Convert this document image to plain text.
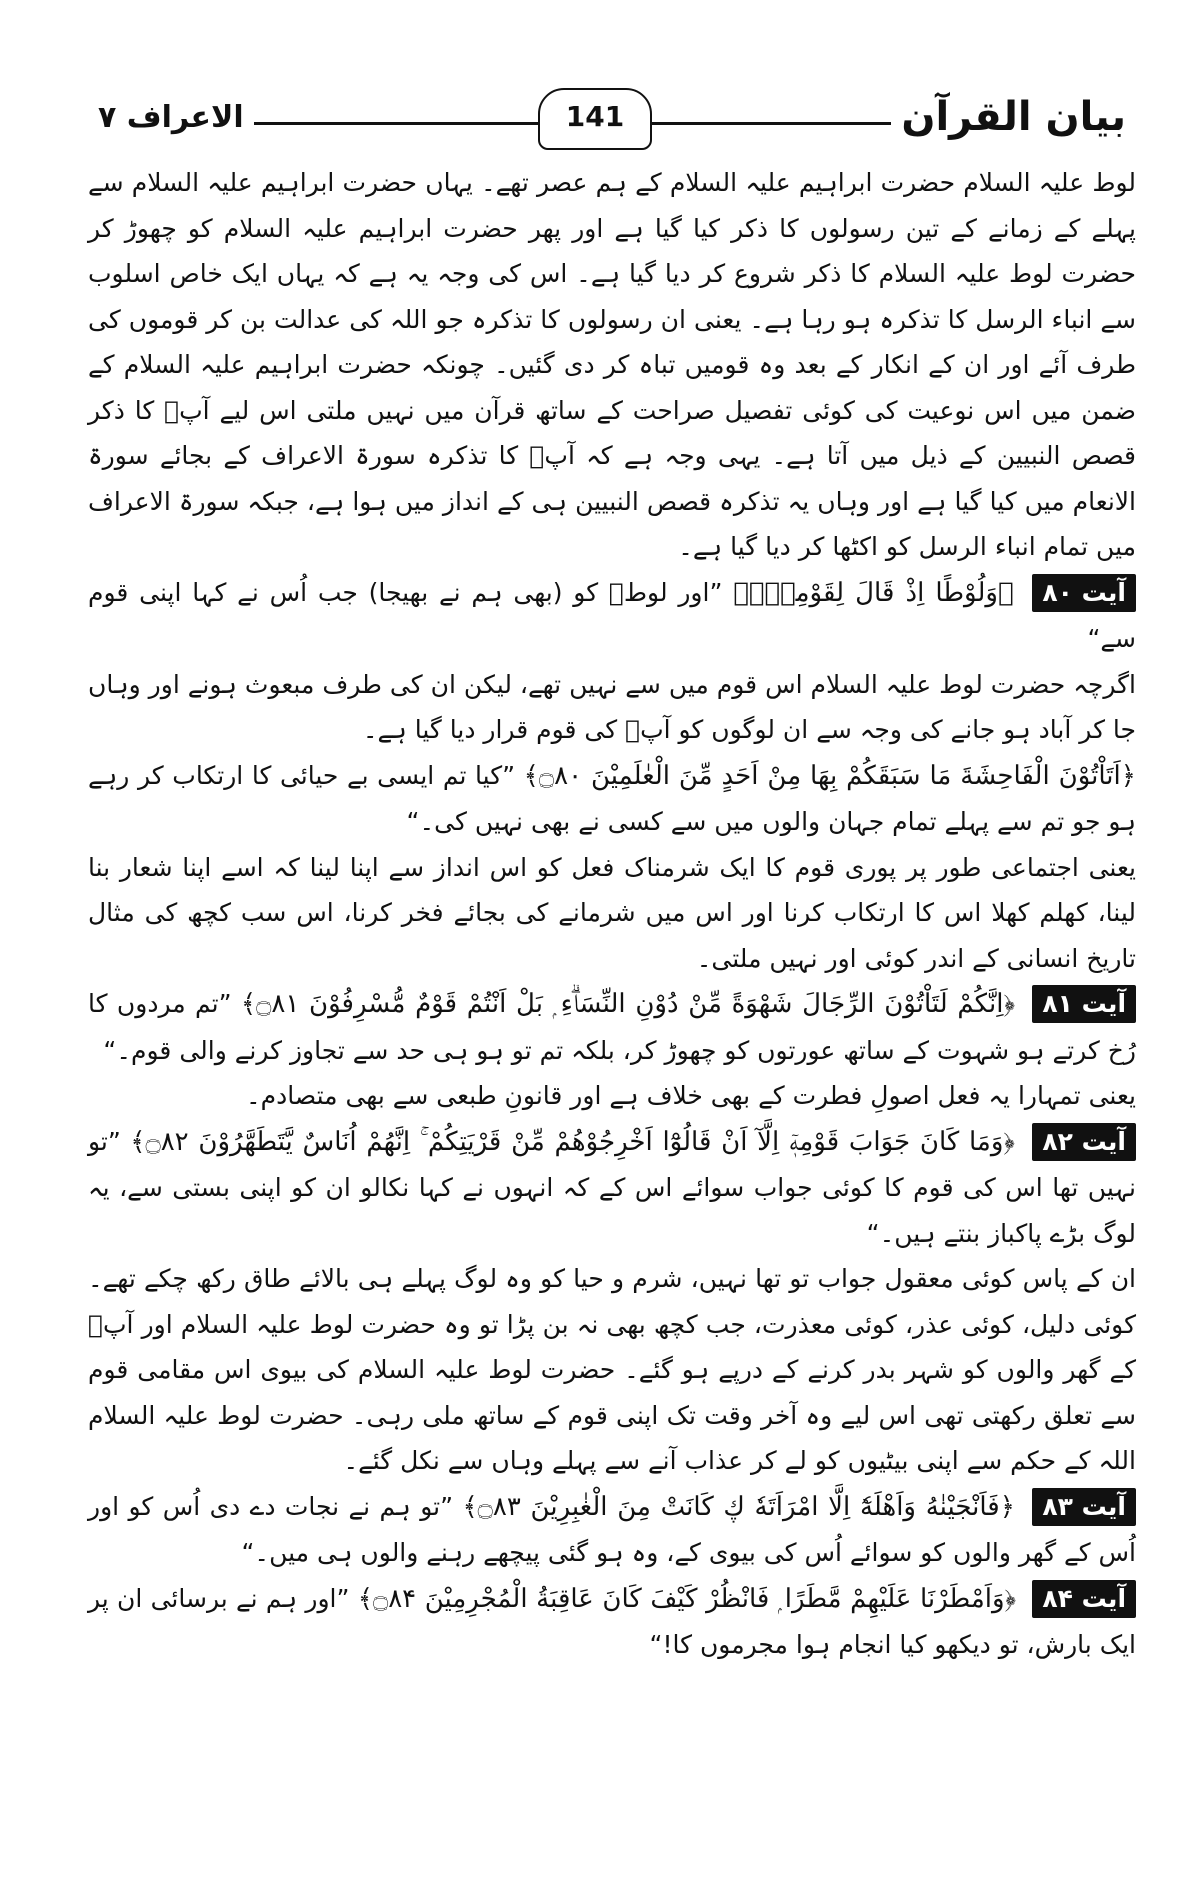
الاعراف ۷	141	بیان القرآن

لوط علیہ السلام حضرت ابراہیم علیہ السلام کے ہم عصر تھے۔ یہاں حضرت ابراہیم علیہ السلام سے پہلے کے زمانے کے تین رسولوں کا ذکر کیا گیا ہے اور پھر حضرت ابراہیم علیہ السلام کو چھوڑ کر حضرت لوط علیہ السلام کا ذکر شروع کر دیا گیا ہے۔ اس کی وجہ یہ ہے کہ یہاں ایک خاص اسلوب سے انباء الرسل کا تذکرہ ہو رہا ہے۔ یعنی ان رسولوں کا تذکرہ جو اللہ کی عدالت بن کر قوموں کی طرف آئے اور ان کے انکار کے بعد وہ قومیں تباہ کر دی گئیں۔ چونکہ حضرت ابراہیم علیہ السلام کے ضمن میں اس نوعیت کی کوئی تفصیل صراحت کے ساتھ قرآن میں نہیں ملتی اس لیے آپؑ کا ذکر قصص النبیین کے ذیل میں آتا ہے۔ یہی وجہ ہے کہ آپؑ کا تذکرہ سورۃ الاعراف کے بجائے سورۃ الانعام میں کیا گیا ہے اور وہاں یہ تذکرہ قصص النبیین ہی کے انداز میں ہوا ہے، جبکہ سورۃ الاعراف میں تمام انباء الرسل کو اکٹھا کر دیا گیا ہے۔

آیت ۸۰ ﴿وَلُوْطًا اِذْ قَالَ لِقَوْمِهٖٓ﴾ ”اور لوطؑ کو (بھی ہم نے بھیجا) جب اُس نے کہا اپنی قوم سے“

اگرچہ حضرت لوط علیہ السلام اس قوم میں سے نہیں تھے، لیکن ان کی طرف مبعوث ہونے اور وہاں جا کر آباد ہو جانے کی وجہ سے ان لوگوں کو آپؑ کی قوم قرار دیا گیا ہے۔

﴿اَتَاْتُوْنَ الْفَاحِشَةَ مَا سَبَقَكُمْ بِهَا مِنْ اَحَدٍ مِّنَ الْعٰلَمِيْنَ ۝۸۰﴾ ”کیا تم ایسی بے حیائی کا ارتکاب کر رہے ہو جو تم سے پہلے تمام جہان والوں میں سے کسی نے بھی نہیں کی۔“

یعنی اجتماعی طور پر پوری قوم کا ایک شرمناک فعل کو اس انداز سے اپنا لینا کہ اسے اپنا شعار بنا لینا، کھلم کھلا اس کا ارتکاب کرنا اور اس میں شرمانے کی بجائے فخر کرنا، اس سب کچھ کی مثال تاریخ انسانی کے اندر کوئی اور نہیں ملتی۔

آیت ۸۱ ﴿اِنَّكُمْ لَتَاْتُوْنَ الرِّجَالَ شَهْوَةً مِّنْ دُوْنِ النِّسَاۗءِ ۭ بَلْ اَنْتُمْ قَوْمٌ مُّسْرِفُوْنَ ۝۸۱﴾ ”تم مردوں کا رُخ کرتے ہو شہوت کے ساتھ عورتوں کو چھوڑ کر، بلکہ تم تو ہو ہی حد سے تجاوز کرنے والی قوم۔“

یعنی تمہارا یہ فعل اصولِ فطرت کے بھی خلاف ہے اور قانونِ طبعی سے بھی متصادم۔

آیت ۸۲ ﴿وَمَا كَانَ جَوَابَ قَوْمِهٖٓ اِلَّآ اَنْ قَالُوْٓا اَخْرِجُوْهُمْ مِّنْ قَرْيَتِكُمْ ۚ اِنَّهُمْ اُنَاسٌ يَّتَطَهَّرُوْنَ ۝۸۲﴾ ”تو نہیں تھا اس کی قوم کا کوئی جواب سوائے اس کے کہ انہوں نے کہا نکالو ان کو اپنی بستی سے، یہ لوگ بڑے پاکباز بنتے ہیں۔“

ان کے پاس کوئی معقول جواب تو تھا نہیں، شرم و حیا کو وہ لوگ پہلے ہی بالائے طاق رکھ چکے تھے۔ کوئی دلیل، کوئی عذر، کوئی معذرت، جب کچھ بھی نہ بن پڑا تو وہ حضرت لوط علیہ السلام اور آپؑ کے گھر والوں کو شہر بدر کرنے کے درپے ہو گئے۔ حضرت لوط علیہ السلام کی بیوی اس مقامی قوم سے تعلق رکھتی تھی اس لیے وہ آخر وقت تک اپنی قوم کے ساتھ ملی رہی۔ حضرت لوط علیہ السلام اللہ کے حکم سے اپنی بیٹیوں کو لے کر عذاب آنے سے پہلے وہاں سے نکل گئے۔

آیت ۸۳ ﴿فَاَنْجَيْنٰهُ وَاَهْلَهٗٓ اِلَّا امْرَاَتَهٗ ڮ كَانَتْ مِنَ الْغٰبِرِيْنَ ۝۸۳﴾ ”تو ہم نے نجات دے دی اُس کو اور اُس کے گھر والوں کو سوائے اُس کی بیوی کے، وہ ہو گئی پیچھے رہنے والوں ہی میں۔“

آیت ۸۴ ﴿وَاَمْطَرْنَا عَلَيْهِمْ مَّطَرًا ۭ فَانْظُرْ كَيْفَ كَانَ عَاقِبَةُ الْمُجْرِمِيْنَ ۝۸۴﴾ ”اور ہم نے برسائی ان پر ایک بارش، تو دیکھو کیا انجام ہوا مجرموں کا!“
